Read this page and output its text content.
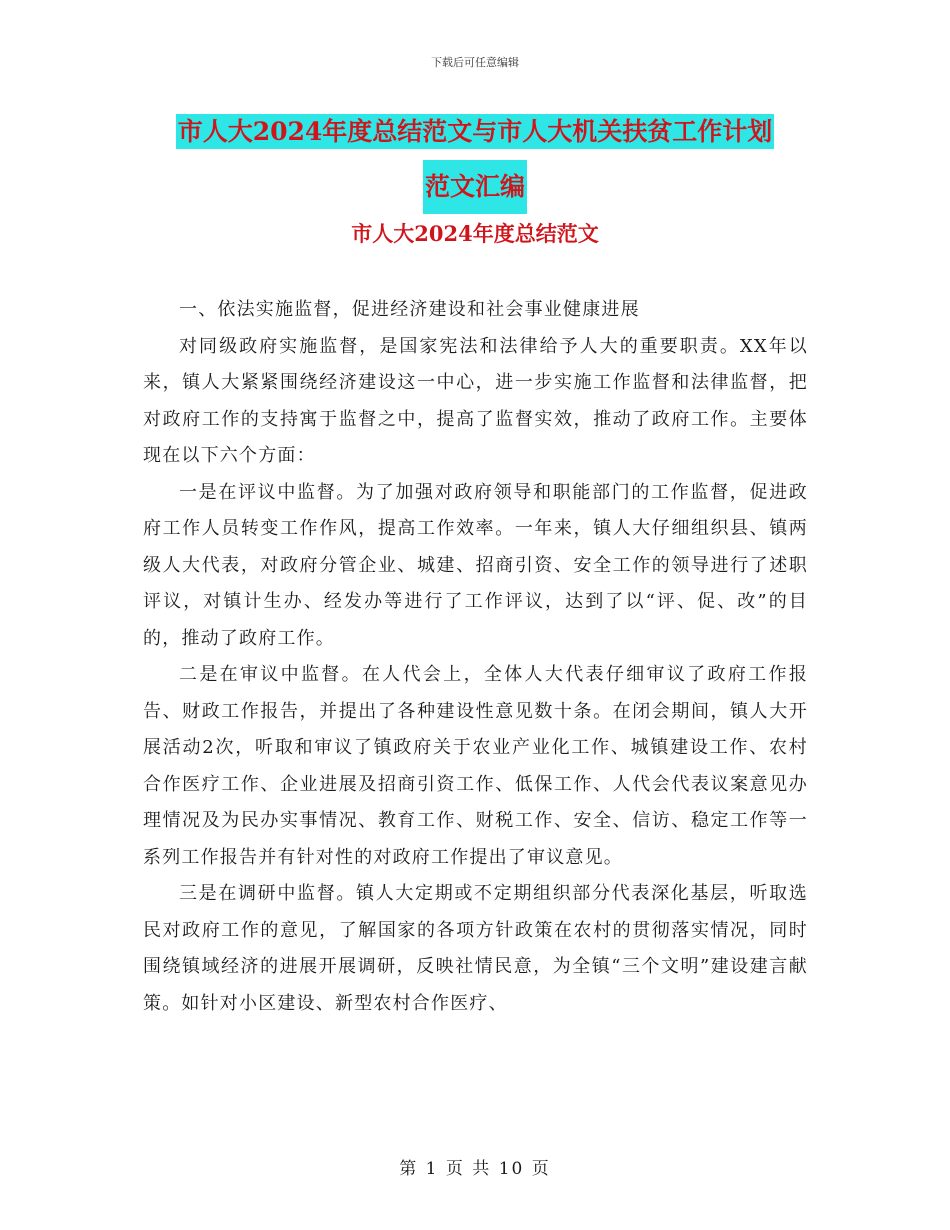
下载后可任意编辑
市人大2024年度总结范文与市人大机关扶贫工作计划
范文汇编
市人大2024年度总结范文

一、依法实施监督，促进经济建设和社会事业健康进展

对同级政府实施监督，是国家宪法和法律给予人大的重要职责。XX年以来，镇人大紧紧围绕经济建设这一中心，进一步实施工作监督和法律监督，把对政府工作的支持寓于监督之中，提高了监督实效，推动了政府工作。主要体现在以下六个方面：

一是在评议中监督。为了加强对政府领导和职能部门的工作监督，促进政府工作人员转变工作作风，提高工作效率。一年来，镇人大仔细组织县、镇两级人大代表，对政府分管企业、城建、招商引资、安全工作的领导进行了述职评议，对镇计生办、经发办等进行了工作评议，达到了以“评、促、改”的目的，推动了政府工作。

二是在审议中监督。在人代会上，全体人大代表仔细审议了政府工作报告、财政工作报告，并提出了各种建设性意见数十条。在闭会期间，镇人大开展活动2次，听取和审议了镇政府关于农业产业化工作、城镇建设工作、农村合作医疗工作、企业进展及招商引资工作、低保工作、人代会代表议案意见办理情况及为民办实事情况、教育工作、财税工作、安全、信访、稳定工作等一系列工作报告并有针对性的对政府工作提出了审议意见。

三是在调研中监督。镇人大定期或不定期组织部分代表深化基层，听取选民对政府工作的意见，了解国家的各项方针政策在农村的贯彻落实情况，同时围绕镇域经济的进展开展调研，反映社情民意，为全镇“三个文明”建设建言献策。如针对小区建设、新型农村合作医疗、

第 1 页 共 10 页
